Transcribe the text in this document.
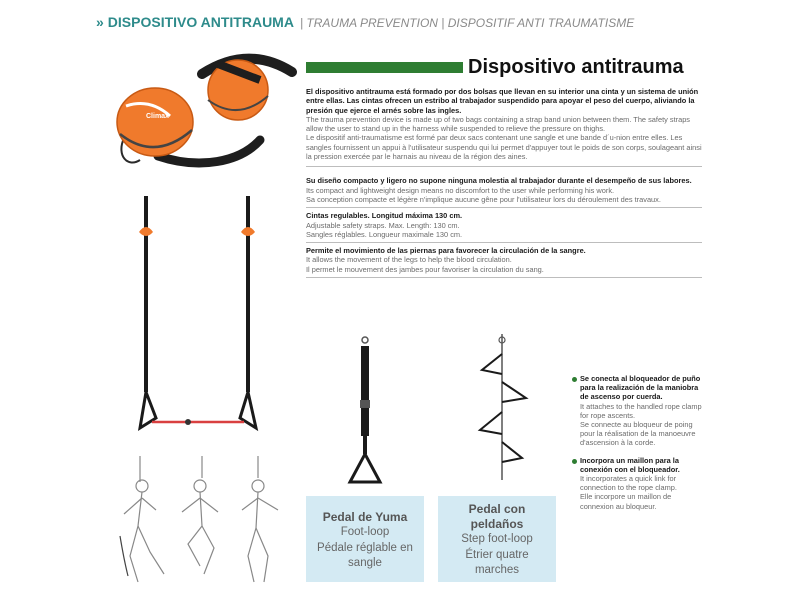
» DISPOSITIVO ANTITRAUMA | TRAUMA PREVENTION | DISPOSITIF ANTI TRAUMATISME
Dispositivo antitrauma
Climax
El dispositivo antitrauma está formado por dos bolsas que llevan en su interior una cinta y un sistema de unión entre ellas. Las cintas ofrecen un estribo al trabajador suspendido para apoyar el peso del cuerpo, aliviando la presión que ejerce el arnés sobre las ingles.
The trauma prevention device is made up of two bags containing a strap band union between them. The safety straps allow the user to stand up in the harness while suspended to relieve the pressure on thighs.
Le dispositif anti-traumatisme est formé par deux sacs contenant une sangle et une bande d´u-nion entre elles. Les sangles fournissent un appui à l'utilisateur suspendu qui lui permet d'appuyer tout le poids de son corps, soulageant ainsi la pression exercée par le harnais au niveau de la région des aines.
Su diseño compacto y ligero no supone ninguna molestia al trabajador durante el desempeño de sus labores.
Its compact and lightweight design means no discomfort to the user while performing his work.
Sa conception compacte et légère n'implique aucune gêne pour l'utilisateur lors du déroulement des travaux.
Cintas regulables. Longitud máxima 130 cm.
Adjustable safety straps. Max. Length: 130 cm.
Sangles réglables. Longueur maximale 130 cm.
Permite el movimiento de las piernas para favorecer la circulación de la sangre.
It allows the movement of the legs to help the blood circulation.
Il permet le mouvement des jambes pour favoriser la circulation du sang.
Se conecta al bloqueador de puño para la realización de la maniobra de ascenso por cuerda.
It attaches to the handled rope clamp for rope ascents.
Se connecte au bloqueur de poing pour la réalisation de la manoeuvre d'ascension à la corde.
Incorpora un maillon para la conexión con el bloqueador.
It incorporates a quick link for connection to the rope clamp.
Elle incorpore un maillon de connexion au bloqueur.
Pedal de Yuma
Foot-loop
Pédale réglable en
sangle
Pedal con
peldaños
Step foot-loop
Étrier quatre
marches
